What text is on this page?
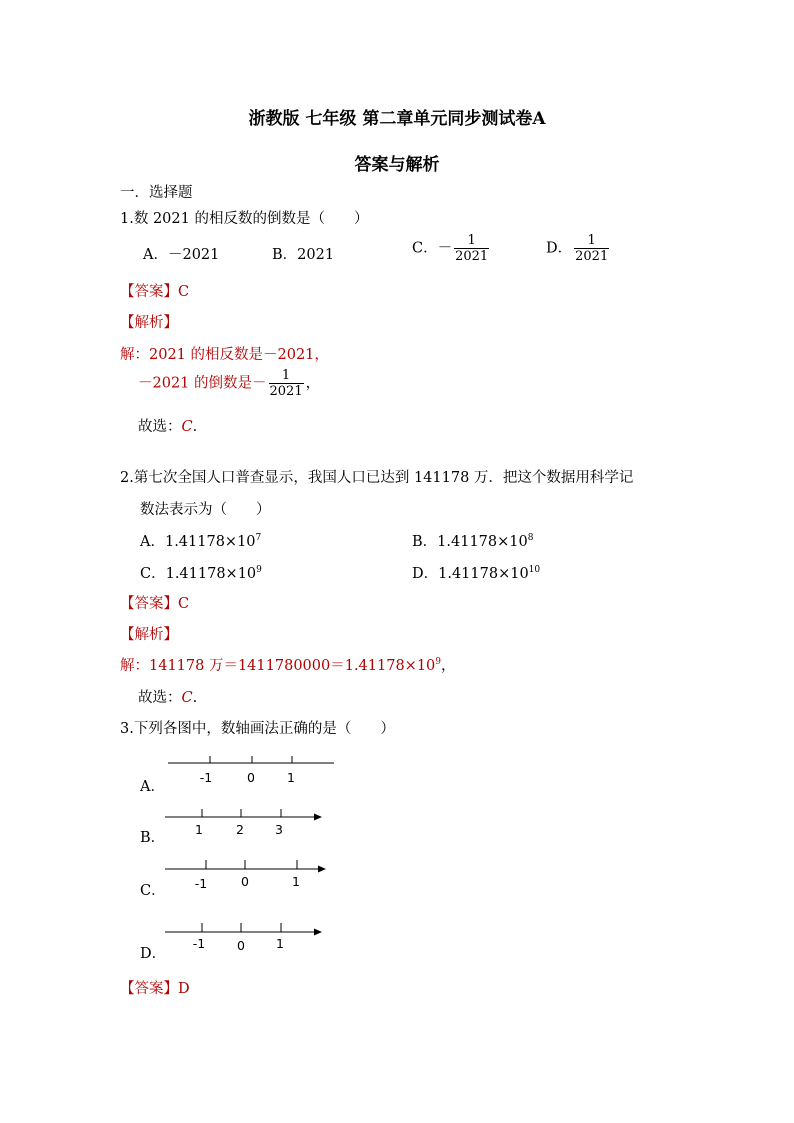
浙教版 七年级 第二章单元同步测试卷A
答案与解析
一．选择题
1.数 2021 的相反数的倒数是（　　）
A．－2021	B．2021	C．－ $\frac{1}{2021}$	D． $\frac{1}{2021}$
【答案】C
【解析】
解：2021 的相反数是－2021，
－2021 的倒数是－ $\frac{1}{2021}$ ，
故选：C.
2.第七次全国人口普查显示，我国人口已达到 141178 万．把这个数据用科学记
数法表示为（　　）
A．$1.41178\times 10^7$	B．$1.41178\times 10^8$
C．$1.41178\times 10^9$	D．$1.41178\times 10^{10}$
【答案】C
【解析】
解：141178 万$=1411780000=1.41178\times 10^9$，
故选：C.
3.下列各图中，数轴画法正确的是（　　）
A．
-1	0	1
B．
1	2 3
C． -1	0	1
D．
-1	0 1
【答案】D
